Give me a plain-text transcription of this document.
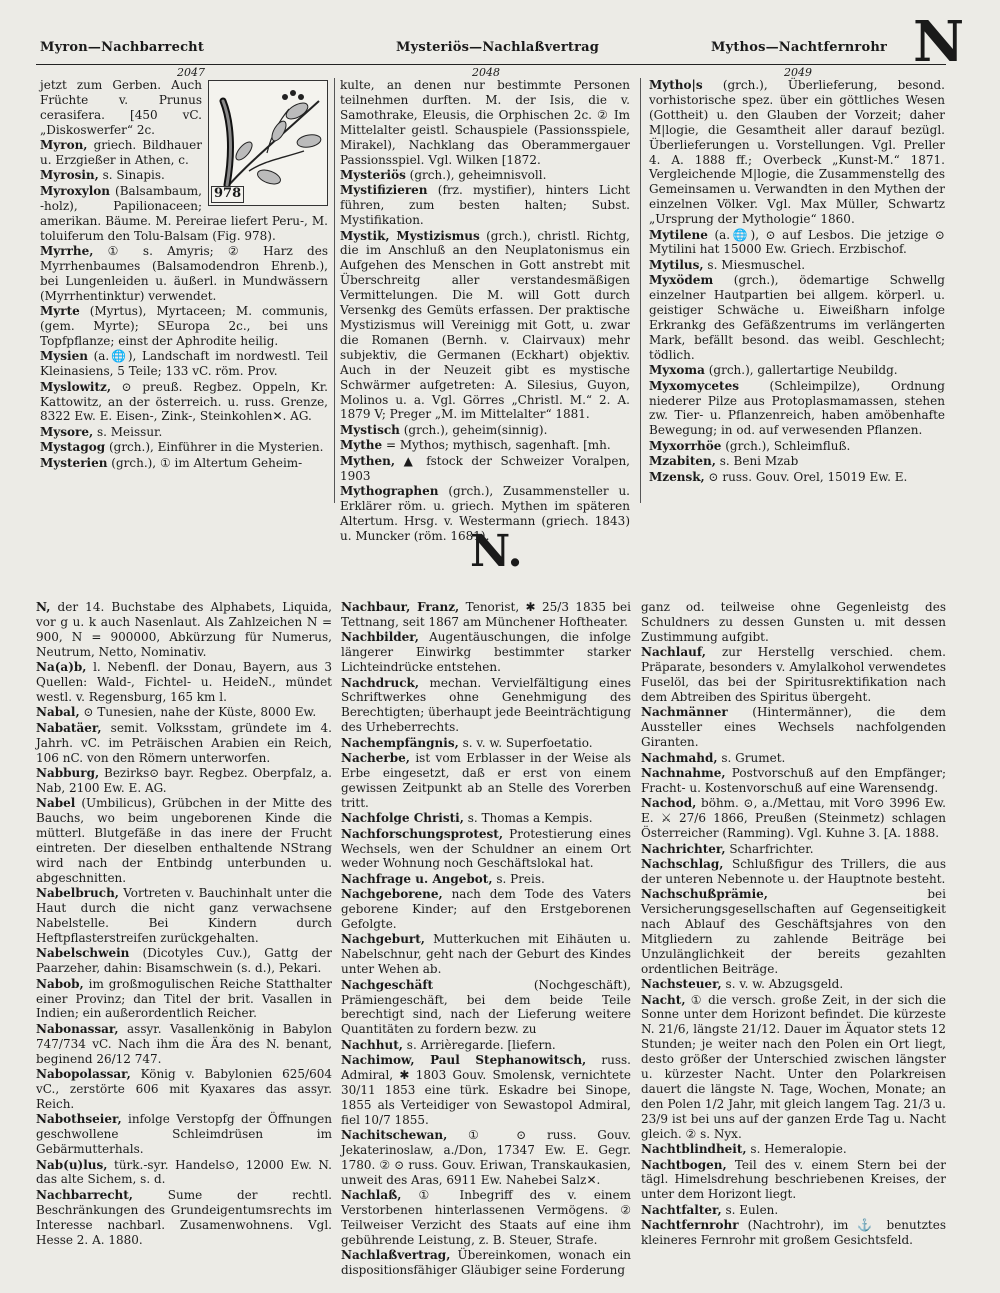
Myron—Nachbarrecht	Mysteriös—Nachlaßvertrag	Mythos—Nachtfernrohr N
2047	2048	2049
978

jetzt zum Gerben. Auch Früchte v. Prunus cerasifera. [450 vC. „Diskoswerfer“ 2c.

Myron, griech. Bildhauer u. Erzgießer in Athen, c.

Myrosin, s. Sinapis.

Myroxylon (Balsambaum, -holz), Papilionaceen; amerikan. Bäume. M. Pereirae liefert Peru-, M. toluiferum den Tolu-Balsam (Fig. 978).

Myrrhe, ① s. Amyris; ② Harz des Myrrhenbaumes (Balsamodendron Ehrenb.), bei Lungenleiden u. äußerl. in Mundwässern (Myrrhentinktur) verwendet.

Myrte (Myrtus), Myrtaceen; M. communis, (gem. Myrte); SEuropa 2c., bei uns Topfpflanze; einst der Aphrodite heilig.

Mysien (a.🌐), Landschaft im nordwestl. Teil Kleinasiens, 5 Teile; 133 vC. röm. Prov.

Myslowitz, ⊙ preuß. Regbez. Oppeln, Kr. Kattowitz, an der österreich. u. russ. Grenze, 8322 Ew. E. Eisen-, Zink-, Steinkohlen✕. AG.

Mysore, s. Meissur.

Mystagog (grch.), Einführer in die Mysterien.

Mysterien (grch.), ① im Altertum Geheim-

kulte, an denen nur bestimmte Personen teilnehmen durften. M. der Isis, die v. Samothrake, Eleusis, die Orphischen 2c. ② Im Mittelalter geistl. Schauspiele (Passionsspiele, Mirakel), Nachklang das Oberammergauer Passionsspiel. Vgl. Wilken [1872.

Mysteriös (grch.), geheimnisvoll.

Mystifizieren (frz. mystifier), hinters Licht führen, zum besten halten; Subst. Mystifikation.

Mystik, Mystizismus (grch.), christl. Richtg, die im Anschluß an den Neuplatonismus ein Aufgehen des Menschen in Gott anstrebt mit Überschreitg aller verstandesmäßigen Vermittelungen. Die M. will Gott durch Versenkg des Gemüts erfassen. Der praktische Mystizismus will Vereinigg mit Gott, u. zwar die Romanen (Bernh. v. Clairvaux) mehr subjektiv, die Germanen (Eckhart) objektiv. Auch in der Neuzeit gibt es mystische Schwärmer aufgetreten: A. Silesius, Guyon, Molinos u. a. Vgl. Görres „Christl. M.“ 2. A. 1879 V; Preger „M. im Mittelalter“ 1881.

Mystisch (grch.), geheim(sinnig).

Mythe = Mythos; mythisch, sagenhaft. [mh.

Mythen, ▲ fstock der Schweizer Voralpen, 1903

Mythographen (grch.), Zusammensteller u. Erklärer röm. u. griech. Mythen im späteren Altertum. Hrsg. v. Westermann (griech. 1843) u. Muncker (röm. 1681).

Mytho|s (grch.), Überlieferung, besond. vorhistorische spez. über ein göttliches Wesen (Gottheit) u. den Glauben der Vorzeit; daher M|logie, die Gesamtheit aller darauf bezügl. Überlieferungen u. Vorstellungen. Vgl. Preller 4. A. 1888 ff.; Overbeck „Kunst-M.“ 1871. Vergleichende M|logie, die Zusammenstellg des Gemeinsamen u. Verwandten in den Mythen der einzelnen Völker. Vgl. Max Müller, Schwartz „Ursprung der Mythologie“ 1860.

Mytilene (a.🌐), ⊙ auf Lesbos. Die jetzige ⊙ Mytilini hat 15000 Ew. Griech. Erzbischof.

Mytilus, s. Miesmuschel.

Myxödem (grch.), ödemartige Schwellg einzelner Hautpartien bei allgem. körperl. u. geistiger Schwäche u. Eiweißharn infolge Erkrankg des Gefäßzentrums im verlängerten Mark, befällt besond. das weibl. Geschlecht; tödlich.

Myxoma (grch.), gallertartige Neubildg.

Myxomycetes	(Schleimpilze), Ordnung niederer Pilze aus Protoplasmamassen, stehen zw. Tier- u. Pflanzenreich, haben amöbenhafte Bewegung; in od. auf verwesenden Pflanzen.

Myxorrhöe (grch.), Schleimfluß.

Mzabiten, s. Beni Mzab

Mzensk, ⊙ russ. Gouv. Orel, 15019 Ew. E.

N.

N, der 14. Buchstabe des Alphabets, Liquida, vor g u. k auch Nasenlaut. Als Zahlzeichen N = 900, N = 900000, Abkürzung für Numerus, Neutrum, Netto, Nominativ.

Na(a)b, l. Nebenfl. der Donau, Bayern, aus 3 Quellen: Wald-, Fichtel- u. HeideN., mündet westl. v. Regensburg, 165 km l.

Nabal, ⊙ Tunesien, nahe der Küste, 8000 Ew.

Nabatäer, semit. Volksstam, gründete im 4. Jahrh. vC. im Peträischen Arabien ein Reich, 106 nC. von den Römern unterworfen.

Nabburg, Bezirks⊙ bayr. Regbez. Oberpfalz, a. Nab, 2100 Ew. E. AG.

Nabel (Umbilicus), Grübchen in der Mitte des Bauchs, wo beim ungeborenen Kinde die mütterl. Blutgefäße in das inere der Frucht eintreten. Der dieselben enthaltende NStrang wird nach der Entbindg unterbunden u. abgeschnitten.

Nabelbruch, Vortreten v. Bauchinhalt unter die Haut durch die nicht ganz verwachsene Nabelstelle. Bei Kindern durch Heftpflasterstreifen zurückgehalten.

Nabelschwein (Dicotyles Cuv.), Gattg der Paarzeher, dahin: Bisamschwein (s. d.), Pekari.

Nabob, im großmogulischen Reiche Statthalter einer Provinz; dan Titel der brit. Vasallen in Indien; ein außerordentlich Reicher.

Nabonassar, assyr. Vasallenkönig in Babylon 747/734 vC. Nach ihm die Ära des N. benant, beginend 26/12 747.

Nabopolassar, König v. Babylonien 625/604 vC., zerstörte 606 mit Kyaxares das assyr. Reich.

Nabothseier, infolge Verstopfg der Öffnungen geschwollene Schleimdrüsen im Gebärmutterhals.

Nab(u)lus, türk.-syr. Handels⊙, 12000 Ew. N. das alte Sichem, s. d.

Nachbarrecht,	Sume der rechtl. Beschränkungen des Grundeigentumsrechts im Interesse nachbarl. Zusamenwohnens. Vgl. Hesse 2. A. 1880.

Nachbaur, Franz, Tenorist, ✱ 25/3 1835 bei Tettnang, seit 1867 am Münchener Hoftheater.

Nachbilder, Augentäuschungen, die infolge längerer Einwirkg bestimmter starker Lichteindrücke entstehen.

Nachdruck, mechan. Vervielfältigung eines Schriftwerkes ohne Genehmigung des Berechtigten; überhaupt jede Beeinträchtigung des Urheberrechts.

Nachempfängnis, s. v. w. Superfoetatio.

Nacherbe, ist vom Erblasser in der Weise als Erbe eingesetzt, daß er erst von einem gewissen Zeitpunkt ab an Stelle des Vorerben tritt.

Nachfolge Christi, s. Thomas a Kempis.

Nachforschungsprotest, Protestierung eines Wechsels, wen der Schuldner an einem Ort weder Wohnung noch Geschäftslokal hat.

Nachfrage u. Angebot, s. Preis.

Nachgeborene, nach dem Tode des Vaters geborene Kinder; auf den Erstgeborenen Gefolgte.

Nachgeburt, Mutterkuchen mit Eihäuten u. Nabelschnur, geht nach der Geburt des Kindes unter Wehen ab.

Nachgeschäft	(Nochgeschäft), Prämiengeschäft, bei dem beide Teile berechtigt sind, nach der Lieferung weitere Quantitäten zu fordern bezw. zu

Nachhut, s. Arrièregarde. [liefern.

Nachimow, Paul Stephanowitsch, russ. Admiral, ✱ 1803 Gouv. Smolensk, vernichtete 30/11 1853 eine türk. Eskadre bei Sinope, 1855 als Verteidiger von Sewastopol Admiral, fiel 10/7 1855.

Nachitschewan, ① ⊙ russ. Gouv. Jekaterinoslaw, a./Don, 17347 Ew. E. Gegr. 1780. ② ⊙ russ. Gouv. Eriwan, Transkaukasien, unweit des Aras, 6911 Ew. Nahebei Salz✕.

Nachlaß, ① Inbegriff des v. einem Verstorbenen hinterlassenen Vermögens. ② Teilweiser Verzicht des Staats auf eine ihm gebührende Leistung, z. B. Steuer, Strafe.

Nachlaßvertrag, Übereinkomen, wonach ein dispositionsfähiger Gläubiger seine Forderung

ganz od. teilweise ohne Gegenleistg des Schuldners zu dessen Gunsten u. mit dessen Zustimmung aufgibt.

Nachlauf, zur Herstellg verschied. chem. Präparate, besonders v. Amylalkohol verwendetes Fuselöl, das bei der Spiritusrektifikation nach dem Abtreiben des Spiritus übergeht.

Nachmänner (Hintermänner), die dem Aussteller eines Wechsels nachfolgenden Giranten.

Nachmahd, s. Grumet.

Nachnahme, Postvorschuß auf den Empfänger; Fracht- u. Kostenvorschuß auf eine Warensendg.

Nachod, böhm. ⊙, a./Mettau, mit Vor⊙ 3996 Ew. E. ⚔ 27/6 1866, Preußen (Steinmetz) schlagen Österreicher (Ramming). Vgl. Kuhne 3. [A. 1888.

Nachrichter, Scharfrichter.

Nachschlag, Schlußfigur des Trillers, die aus der unteren Nebennote u. der Hauptnote besteht.

Nachschußprämie,	bei Versicherungsgesellschaften auf Gegenseitigkeit nach Ablauf des Geschäftsjahres von den Mitgliedern zu zahlende Beiträge bei Unzulänglichkeit der bereits gezahlten ordentlichen Beiträge.

Nachsteuer, s. v. w. Abzugsgeld.

Nacht, ① die versch. große Zeit, in der sich die Sonne unter dem Horizont befindet. Die kürzeste N. 21/6, längste 21/12. Dauer im Äquator stets 12 Stunden; je weiter nach den Polen ein Ort liegt, desto größer der Unterschied zwischen längster u. kürzester Nacht. Unter den Polarkreisen dauert die längste N. Tage, Wochen, Monate; an den Polen 1/2 Jahr, mit gleich langem Tag. 21/3 u. 23/9 ist bei uns auf der ganzen Erde Tag u. Nacht gleich. ② s. Nyx.

Nachtblindheit, s. Hemeralopie.

Nachtbogen, Teil des v. einem Stern bei der tägl. Himelsdrehung beschriebenen Kreises, der unter dem Horizont liegt.

Nachtfalter, s. Eulen.

Nachtfernrohr (Nachtrohr), im ⚓ benutztes kleineres Fernrohr mit großem Gesichtsfeld.
